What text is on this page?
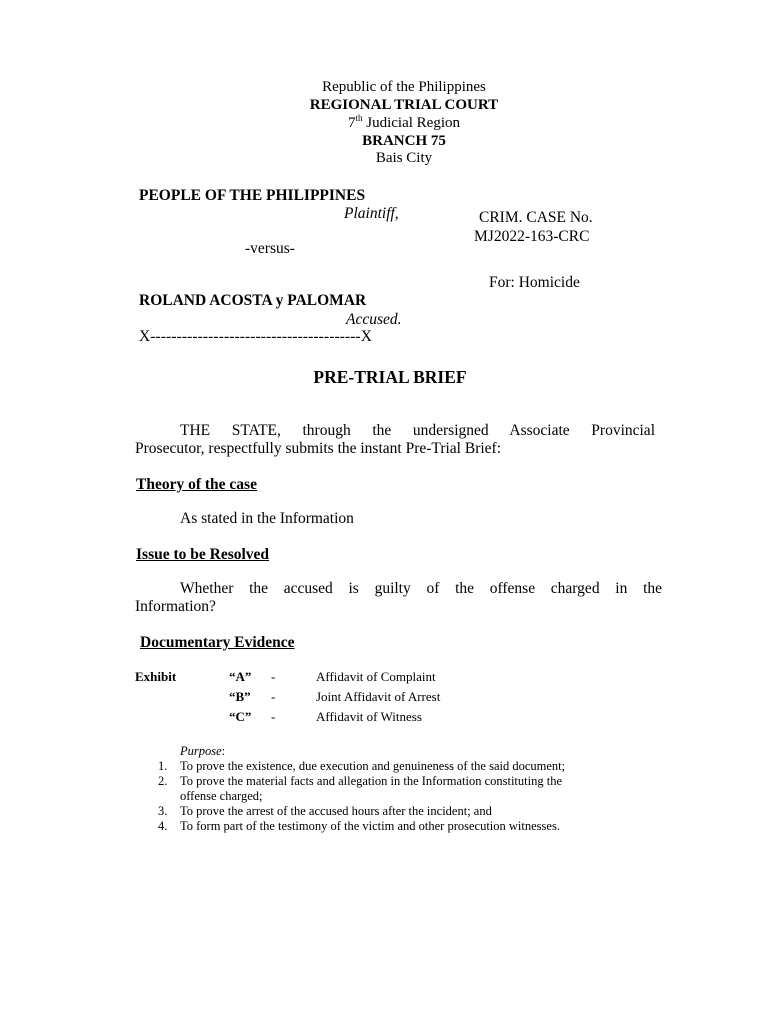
Republic of the Philippines
REGIONAL TRIAL COURT
7th Judicial Region
BRANCH 75
Bais City
PEOPLE OF THE PHILIPPINES
Plaintiff,
-versus-
ROLAND ACOSTA y PALOMAR
Accused.
X----------------------------------------X
CRIM. CASE No.
MJ2022-163-CRC
For: Homicide
PRE-TRIAL BRIEF
THE STATE, through the undersigned Associate Provincial
Prosecutor, respectfully submits the instant Pre-Trial Brief:
Theory of the case
As stated in the Information
Issue to be Resolved
Whether the accused is guilty of the offense charged in the
Information?
Documentary Evidence
Exhibit	“A” -	Affidavit of Complaint
“B” -	Joint Affidavit of Arrest
“C” -	Affidavit of Witness
Purpose:
1. To prove the existence, due execution and genuineness of the said document;
2. To prove the material facts and allegation in the Information constituting the
offense charged;
3. To prove the arrest of the accused hours after the incident; and
4. To form part of the testimony of the victim and other prosecution witnesses.
